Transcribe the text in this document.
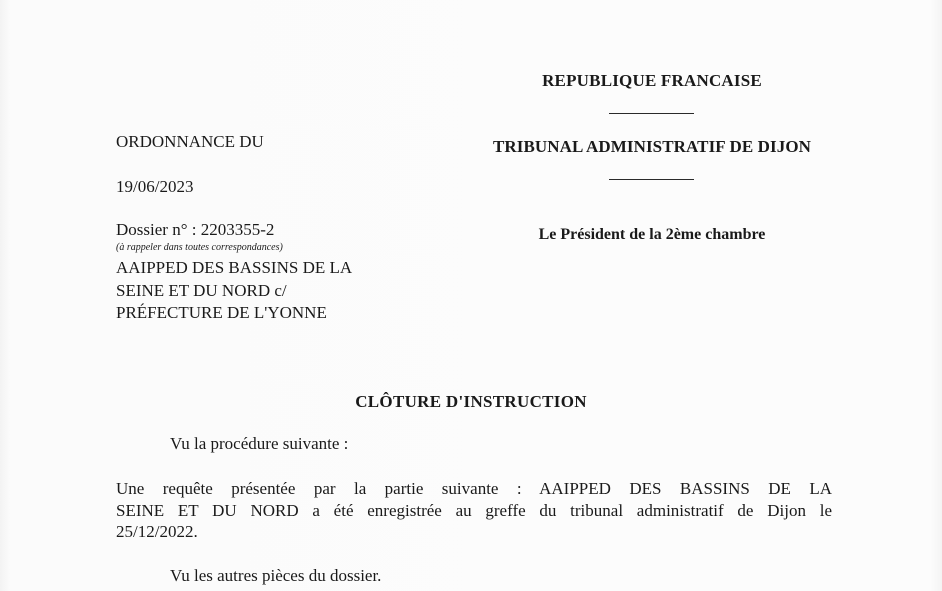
REPUBLIQUE FRANCAISE
TRIBUNAL ADMINISTRATIF DE DIJON
Le Président de la 2ème chambre
ORDONNANCE DU
19/06/2023
Dossier n° : 2203355-2
(à rappeler dans toutes correspondances)
AAIPPED DES BASSINS DE LA
SEINE ET DU NORD c/
PRÉFECTURE DE L'YONNE
CLÔTURE D'INSTRUCTION
Vu la procédure suivante :
Une requête présentée par la partie suivante : AAIPPED DES BASSINS DE LA
SEINE ET DU NORD a été enregistrée au greffe du tribunal administratif de Dijon le
25/12/2022.
Vu les autres pièces du dossier.
